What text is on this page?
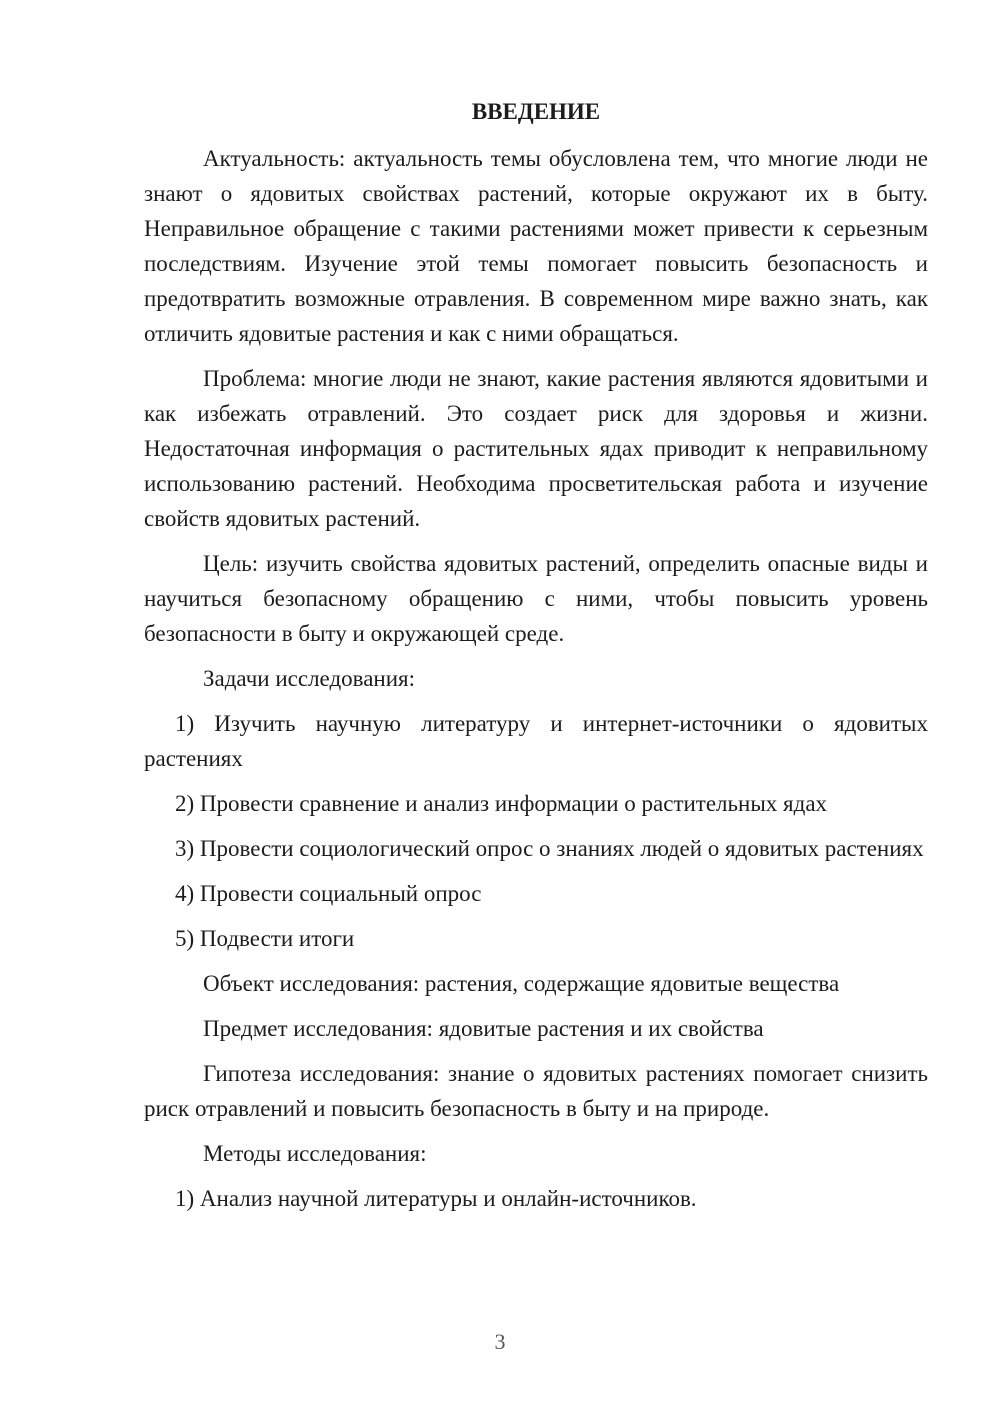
ВВЕДЕНИЕ

Актуальность: актуальность темы обусловлена тем, что многие люди не знают о ядовитых свойствах растений, которые окружают их в быту. Неправильное обращение с такими растениями может привести к серьезным последствиям. Изучение этой темы помогает повысить безопасность и предотвратить возможные отравления. В современном мире важно знать, как отличить ядовитые растения и как с ними обращаться.

Проблема: многие люди не знают, какие растения являются ядовитыми и как избежать отравлений. Это создает риск для здоровья и жизни. Недостаточная информация о растительных ядах приводит к неправильному использованию растений. Необходима просветительская работа и изучение свойств ядовитых растений.

Цель: изучить свойства ядовитых растений, определить опасные виды и научиться безопасному обращению с ними, чтобы повысить уровень безопасности в быту и окружающей среде.

Задачи исследования:

1) Изучить научную литературу и интернет-источники о ядовитых растениях

2) Провести сравнение и анализ информации о растительных ядах

3) Провести социологический опрос о знаниях людей о ядовитых растениях

4) Провести социальный опрос

5) Подвести итоги

Объект исследования: растения, содержащие ядовитые вещества

Предмет исследования: ядовитые растения и их свойства

Гипотеза исследования: знание о ядовитых растениях помогает снизить риск отравлений и повысить безопасность в быту и на природе.

Методы исследования:

1) Анализ научной литературы и онлайн-источников.

3
